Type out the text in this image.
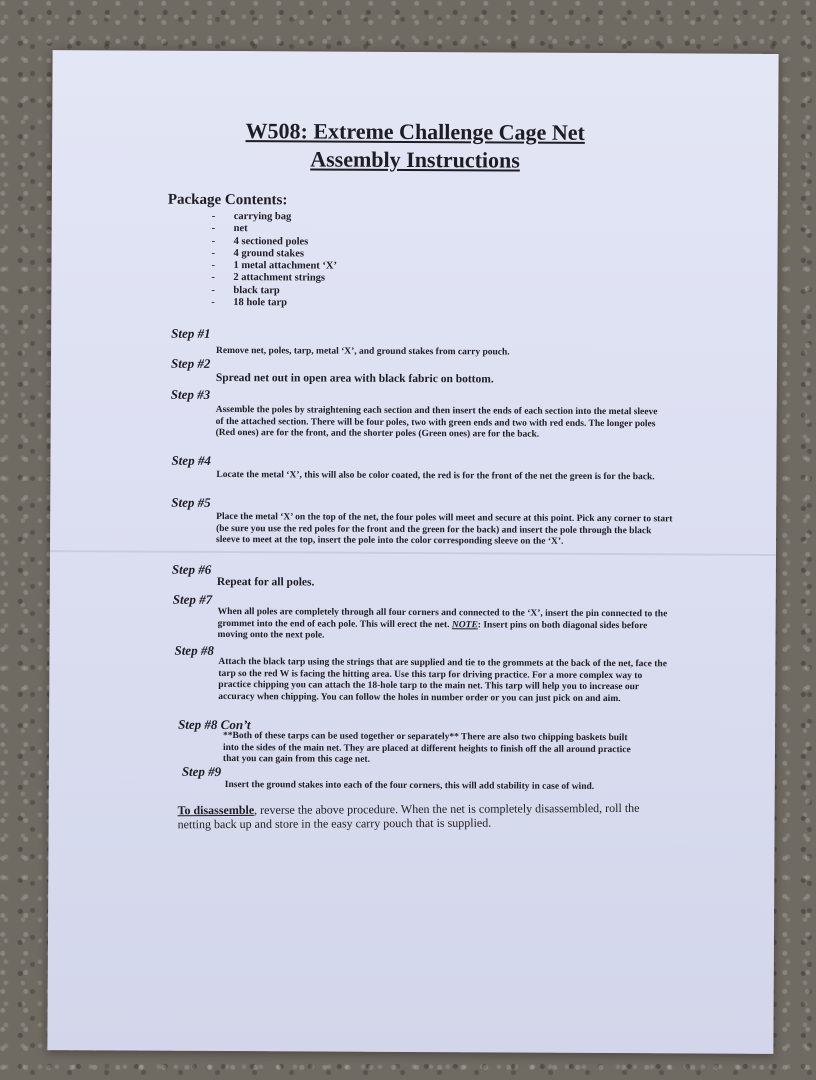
W508: Extreme Challenge Cage Net
Assembly Instructions
Package Contents:
- carrying bag
- net
- 4 sectioned poles
- 4 ground stakes
- 1 metal attachment ‘X’
- 2 attachment strings
- black tarp
- 18 hole tarp
Step #1
Remove net, poles, tarp, metal ‘X’, and ground stakes from carry pouch.
Step #2
Spread net out in open area with black fabric on bottom.
Step #3
Assemble the poles by straightening each section and then insert the ends of each section into the metal sleeve of the attached section. There will be four poles, two with green ends and two with red ends. The longer poles (Red ones) are for the front, and the shorter poles (Green ones) are for the back.
Step #4
Locate the metal ‘X’, this will also be color coated, the red is for the front of the net the green is for the back.
Step #5
Place the metal ‘X’ on the top of the net, the four poles will meet and secure at this point. Pick any corner to start (be sure you use the red poles for the front and the green for the back) and insert the pole through the black sleeve to meet at the top, insert the pole into the color corresponding sleeve on the ‘X’.
Step #6
Repeat for all poles.
Step #7
When all poles are completely through all four corners and connected to the ‘X’, insert the pin connected to the grommet into the end of each pole. This will erect the net. NOTE: Insert pins on both diagonal sides before moving onto the next pole.
Step #8
Attach the black tarp using the strings that are supplied and tie to the grommets at the back of the net, face the tarp so the red W is facing the hitting area. Use this tarp for driving practice. For a more complex way to practice chipping you can attach the 18-hole tarp to the main net. This tarp will help you to increase our accuracy when chipping. You can follow the holes in number order or you can just pick on and aim.
Step #8 Con’t
**Both of these tarps can be used together or separately** There are also two chipping baskets built into the sides of the main net. They are placed at different heights to finish off the all around practice that you can gain from this cage net.
Step #9
Insert the ground stakes into each of the four corners, this will add stability in case of wind.
To disassemble, reverse the above procedure. When the net is completely disassembled, roll the netting back up and store in the easy carry pouch that is supplied.
